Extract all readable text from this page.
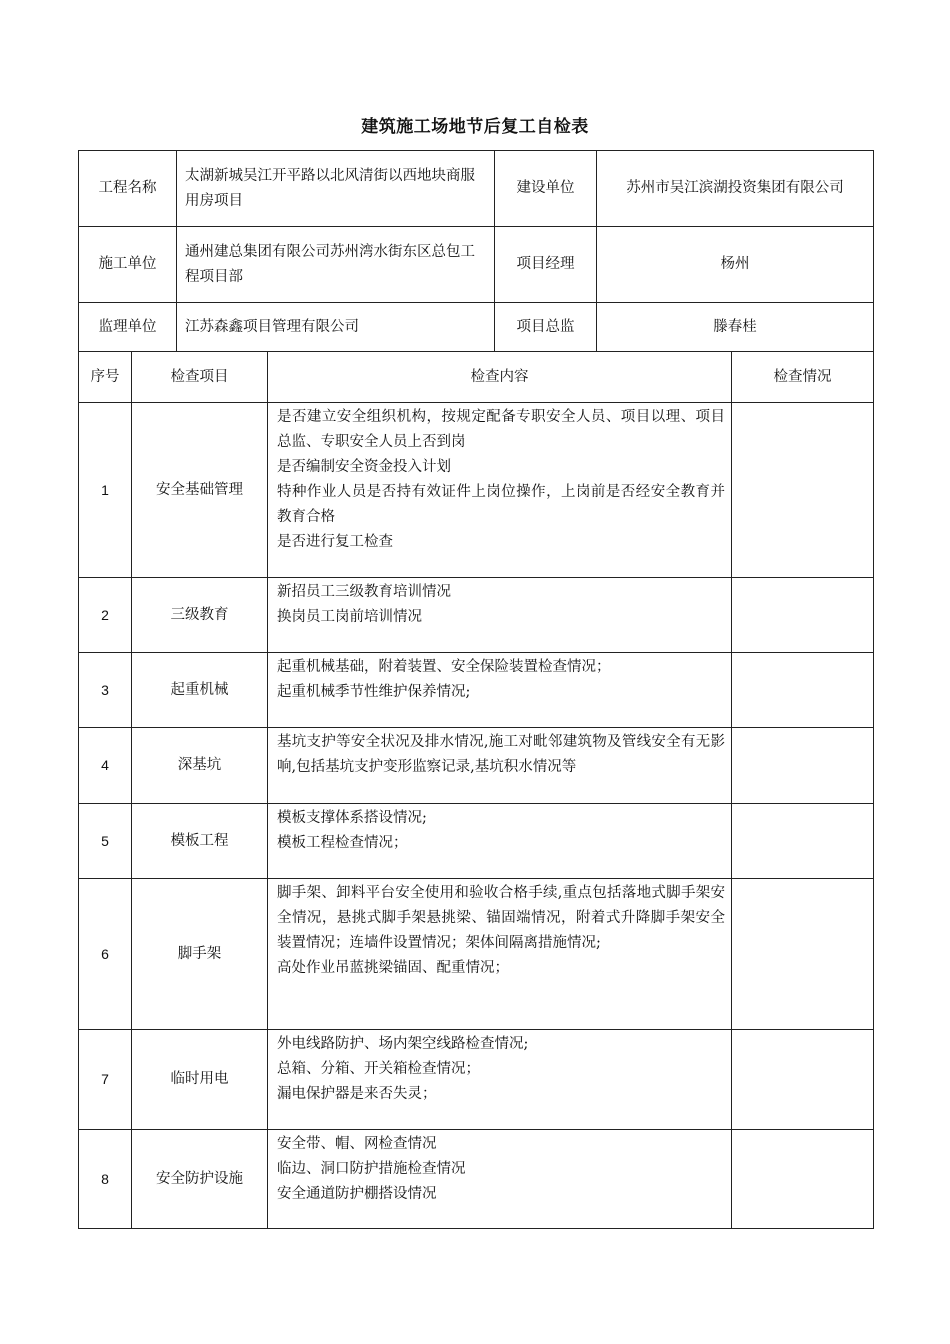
建筑施工场地节后复工自检表
工程名称	太湖新城吴江开平路以北风清街以西地块商服用房项目	建设单位	苏州市吴江滨湖投资集团有限公司
施工单位	通州建总集团有限公司苏州湾水街东区总包工程项目部	项目经理	杨州
监理单位	江苏森鑫项目管理有限公司	项目总监	滕春桂
序号	检查项目	检查内容	检查情况
1	安全基础管理	是否建立安全组织机构，按规定配备专职安全人员、项目以理、项目总监、专职安全人员上否到岗
是否编制安全资金投入计划
特种作业人员是否持有效证件上岗位操作，上岗前是否经安全教育并教育合格
是否进行复工检查	

2	三级教育	新招员工三级教育培训情况
换岗员工岗前培训情况	

3	起重机械	起重机械基础，附着装置、安全保险装置检查情况；
起重机械季节性维护保养情况;	

4	深基坑	基坑支护等安全状况及排水情况,施工对毗邻建筑物及管线安全有无影响,包括基坑支护变形监察记录,基坑积水情况等	

5	模板工程	模板支撑体系搭设情况;
模板工程检查情况；	

6	脚手架	脚手架、卸料平台安全使用和验收合格手续,重点包括落地式脚手架安全情况，悬挑式脚手架悬挑梁、锚固端情况，附着式升降脚手架安全装置情况；连墙件设置情况；架体间隔离措施情况;
高处作业吊蓝挑梁锚固、配重情况；	

7	临时用电	外电线路防护、场内架空线路检查情况;
总箱、分箱、开关箱检查情况；
漏电保护器是来否失灵；	

8	安全防护设施	安全带、帽、网检查情况
临边、洞口防护措施检查情况
安全通道防护棚搭设情况	
